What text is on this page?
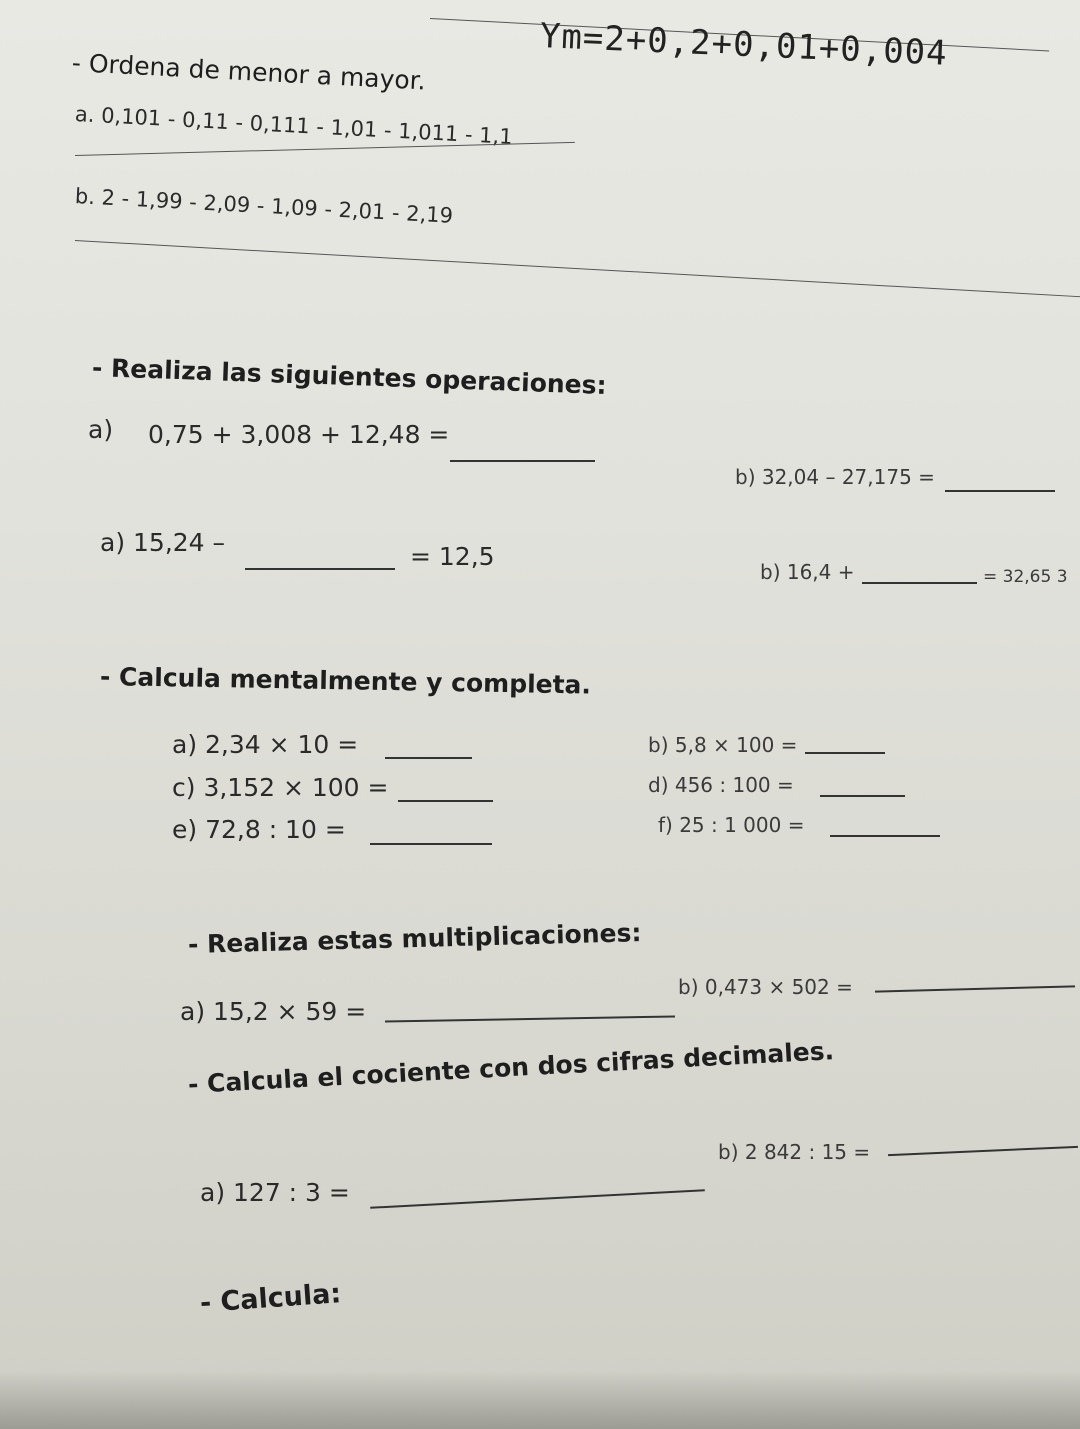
Ym=2+0,2+0,01+0,004
- Ordena de menor a mayor.
a. 0,101 - 0,11 - 0,111 - 1,01 - 1,011 - 1,1
b. 2 - 1,99 - 2,09 - 1,09 - 2,01 - 2,19
- Realiza las siguientes operaciones:
a) 0,75 + 3,008 + 12,48 =
b) 32,04 – 27,175 =
a) 15,24 –	= 12,5
b) 16,4 +	= 32,65 3
- Calcula mentalmente y completa.
a) 2,34 × 10 =	b) 5,8 × 100 =
c) 3,152 × 100 =	d) 456 : 100 =
e) 72,8 : 10 =	f) 25 : 1 000 =
- Realiza estas multiplicaciones:
a) 15,2 × 59 =
b) 0,473 × 502 =
- Calcula el cociente con dos cifras decimales.
a) 127 : 3 =
b) 2 842 : 15 =
- Calcula:
